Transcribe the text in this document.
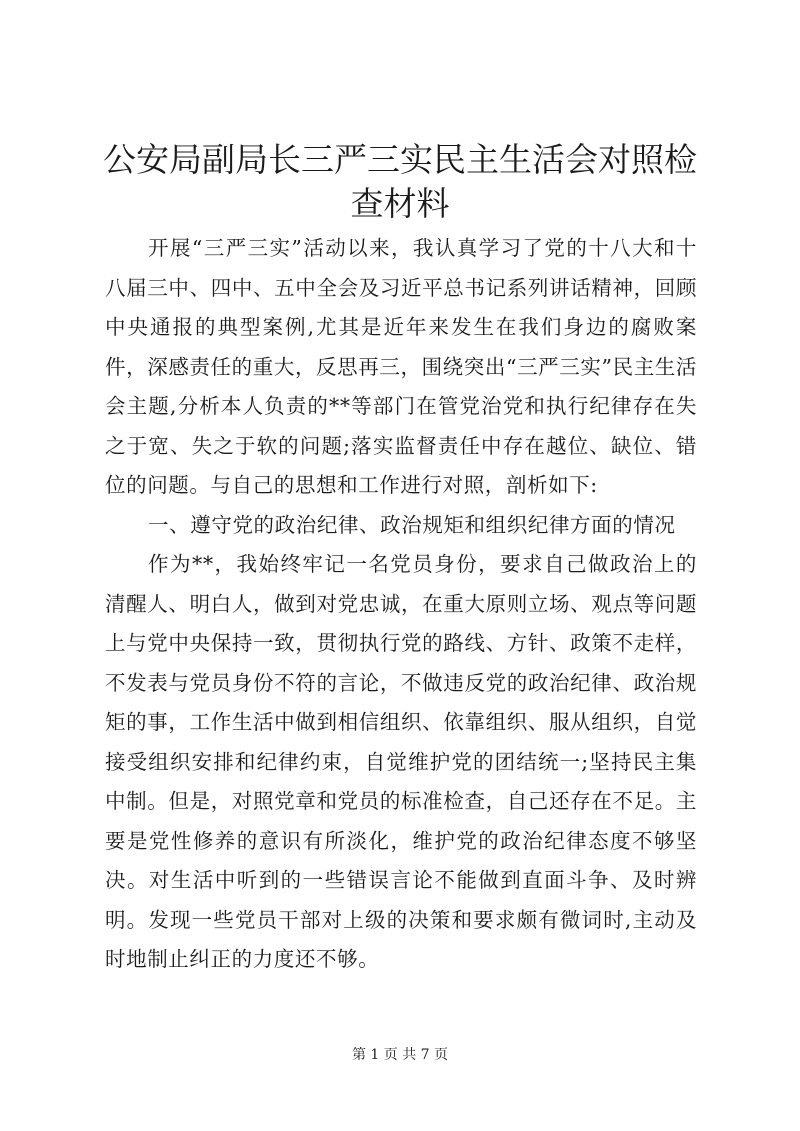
公安局副局长三严三实民主生活会对照检查材料

开展“三严三实”活动以来，我认真学习了党的十八大和十八届三中、四中、五中全会及习近平总书记系列讲话精神，回顾中央通报的典型案例,尤其是近年来发生在我们身边的腐败案件，深感责任的重大，反思再三，围绕突出“三严三实”民主生活会主题,分析本人负责的**等部门在管党治党和执行纪律存在失之于宽、失之于软的问题;落实监督责任中存在越位、缺位、错位的问题。与自己的思想和工作进行对照，剖析如下:

一、遵守党的政治纪律、政治规矩和组织纪律方面的情况

作为**，我始终牢记一名党员身份，要求自己做政治上的清醒人、明白人，做到对党忠诚，在重大原则立场、观点等问题上与党中央保持一致，贯彻执行党的路线、方针、政策不走样，不发表与党员身份不符的言论，不做违反党的政治纪律、政治规矩的事，工作生活中做到相信组织、依靠组织、服从组织，自觉接受组织安排和纪律约束，自觉维护党的团结统一;坚持民主集中制。但是，对照党章和党员的标准检查，自己还存在不足。主要是党性修养的意识有所淡化，维护党的政治纪律态度不够坚决。对生活中听到的一些错误言论不能做到直面斗争、及时辨明。发现一些党员干部对上级的决策和要求颇有微词时,主动及时地制止纠正的力度还不够。

第 1 页 共 7 页
